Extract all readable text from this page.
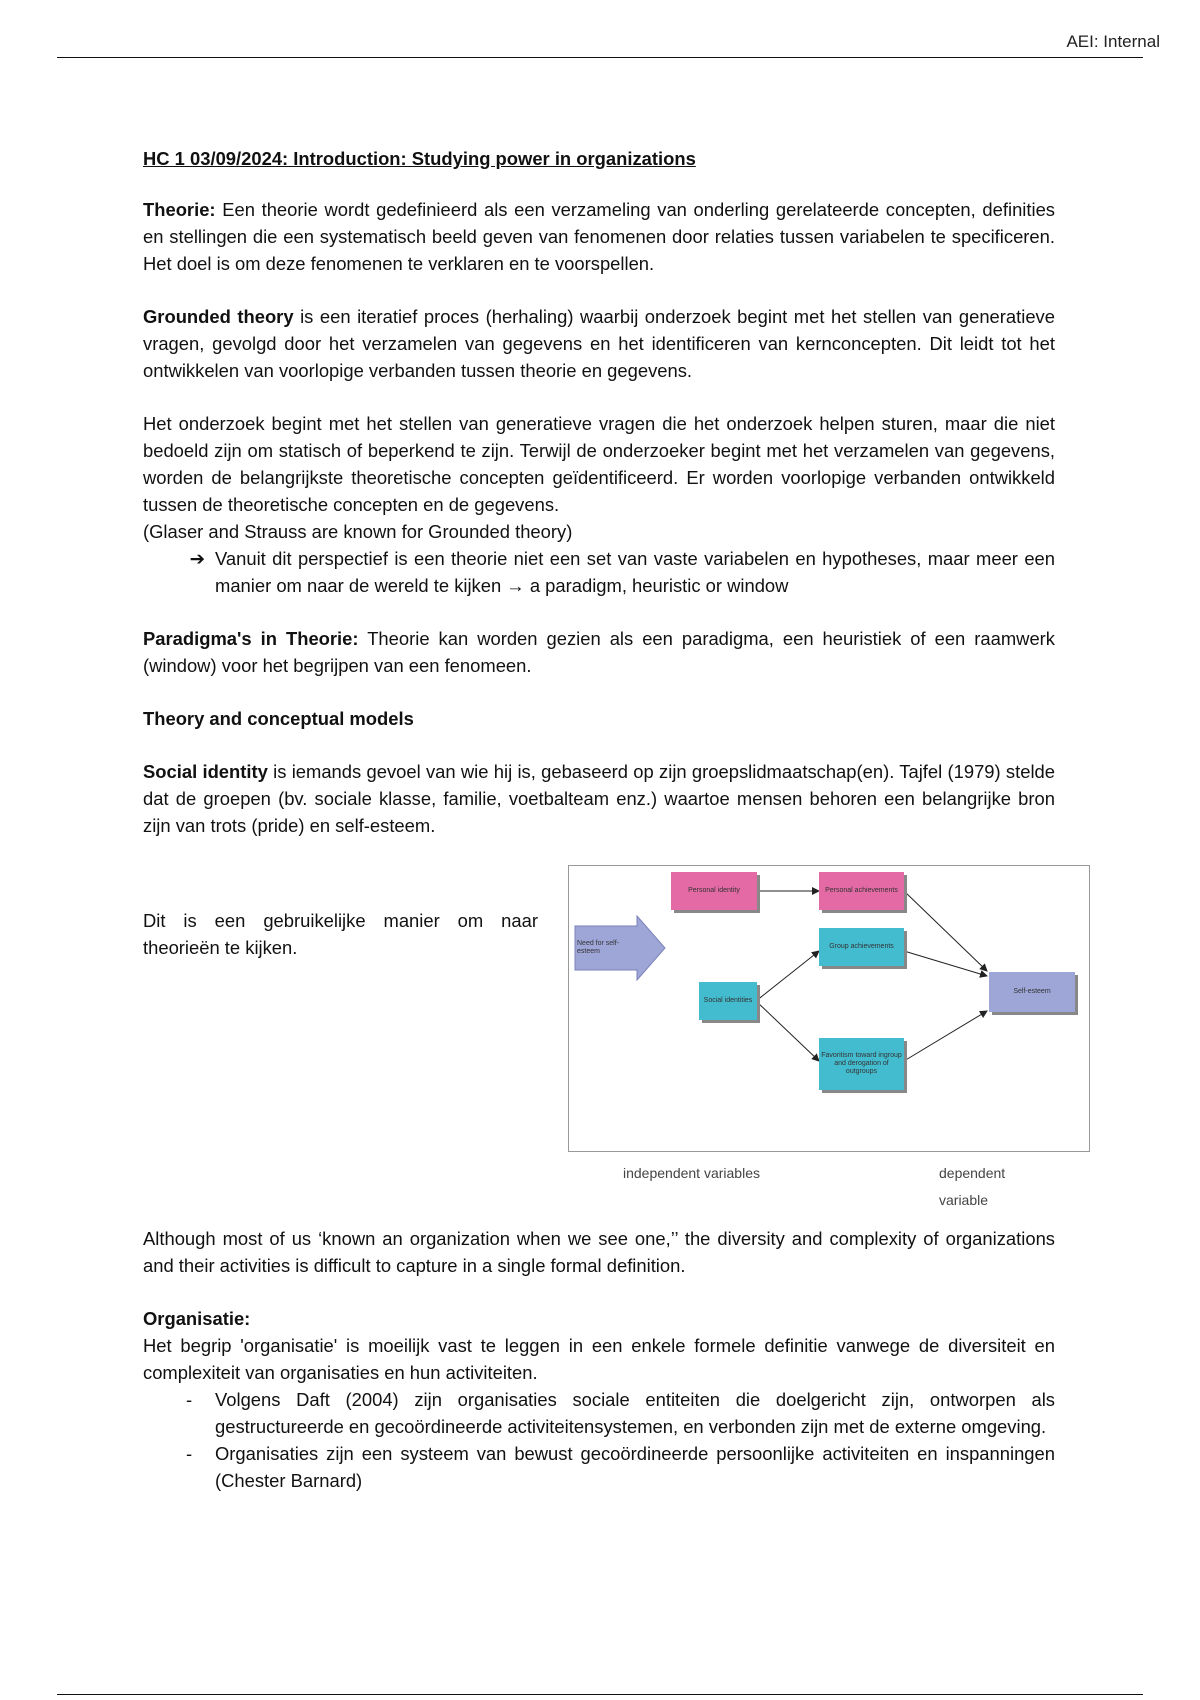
AEI: Internal
HC 1 03/09/2024: Introduction: Studying power in organizations

Theorie: Een theorie wordt gedefinieerd als een verzameling van onderling gerelateerde concepten, definities en stellingen die een systematisch beeld geven van fenomenen door relaties tussen variabelen te specificeren. Het doel is om deze fenomenen te verklaren en te voorspellen.

Grounded theory is een iteratief proces (herhaling) waarbij onderzoek begint met het stellen van generatieve vragen, gevolgd door het verzamelen van gegevens en het identificeren van kernconcepten. Dit leidt tot het ontwikkelen van voorlopige verbanden tussen theorie en gegevens.

Het onderzoek begint met het stellen van generatieve vragen die het onderzoek helpen sturen, maar die niet bedoeld zijn om statisch of beperkend te zijn. Terwijl de onderzoeker begint met het verzamelen van gegevens, worden de belangrijkste theoretische concepten geïdentificeerd. Er worden voorlopige verbanden ontwikkeld tussen de theoretische concepten en de gegevens.

(Glaser and Strauss are known for Grounded theory)
➔ Vanuit dit perspectief is een theorie niet een set van vaste variabelen en hypotheses, maar meer een manier om naar de wereld te kijken → a paradigm, heuristic or window

Paradigma's in Theorie: Theorie kan worden gezien als een paradigma, een heuristiek of een raamwerk (window) voor het begrijpen van een fenomeen.

Theory and conceptual models

Social identity is iemands gevoel van wie hij is, gebaseerd op zijn groepslidmaatschap(en). Tajfel (1979) stelde dat de groepen (bv. sociale klasse, familie, voetbalteam enz.) waartoe mensen behoren een belangrijke bron zijn van trots (pride) en self-esteem.

Dit is een gebruikelijke manier om naar theorieën te kijken.	Need for self-esteem
Personal identity
Social identities
Personal achievements
Group achievements
Favoritism toward ingroup and derogation of outgroups
Self-esteem
independent variables	dependent variable

Although most of us ‘known an organization when we see one,’’ the diversity and complexity of organizations and their activities is difficult to capture in a single formal definition.

Organisatie:
Het begrip 'organisatie' is moeilijk vast te leggen in een enkele formele definitie vanwege de diversiteit en complexiteit van organisaties en hun activiteiten.
-	Volgens Daft (2004) zijn organisaties sociale entiteiten die doelgericht zijn, ontworpen als gestructureerde en gecoördineerde activiteitensystemen, en verbonden zijn met de externe omgeving.
-	Organisaties zijn een systeem van bewust gecoördineerde persoonlijke activiteiten en inspanningen (Chester Barnard)
